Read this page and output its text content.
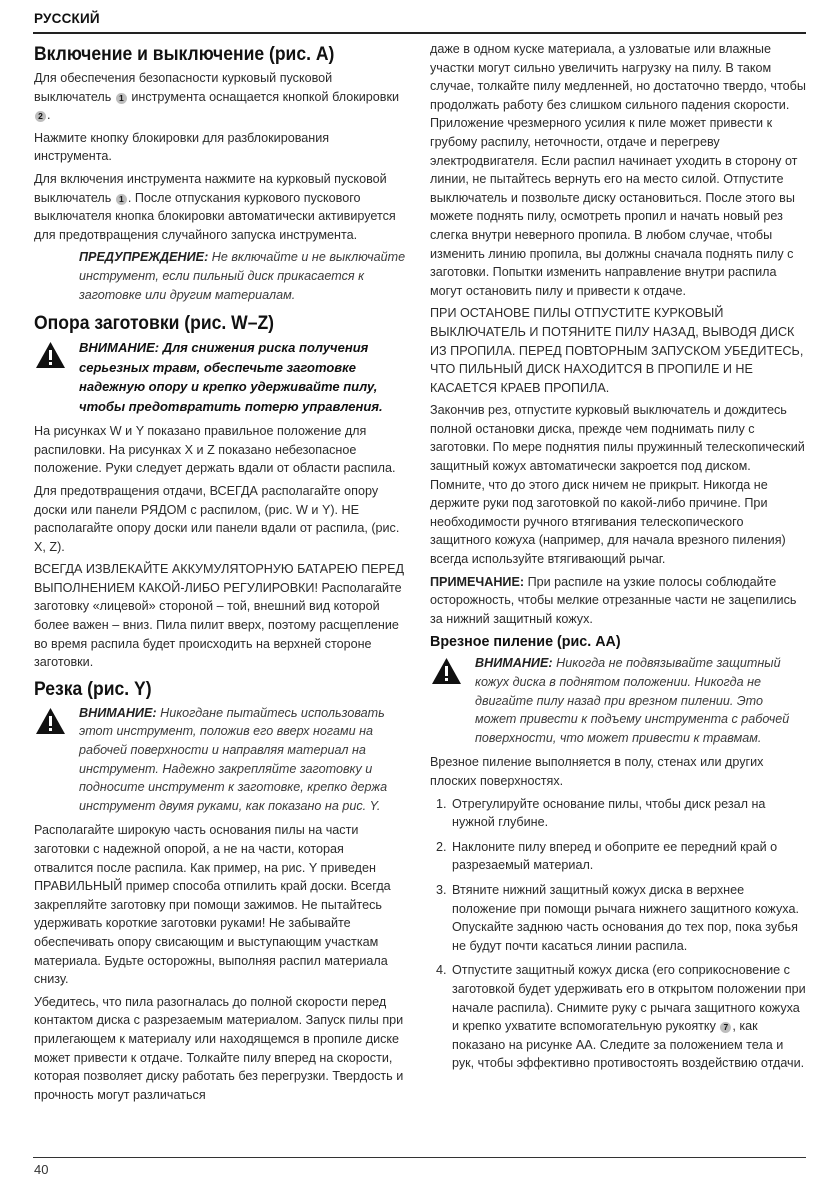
РУССКИЙ
Включение и выключение (рис. A)

Для обеспечения безопасности курковый пусковой выключатель 1 инструмента оснащается кнопкой блокировки 2 .

Нажмите кнопку блокировки для разблокирования инструмента.

Для включения инструмента нажмите на курковый пусковой выключатель 1 . После отпускания куркового пускового выключателя кнопка блокировки автоматически активируется для предотвращения случайного запуска инструмента.

ПРЕДУПРЕЖДЕНИЕ: Не включайте и не выключайте инструмент, если пильный диск прикасается к заготовке или другим материалам.

Опора заготовки (рис. W–Z)

ВНИМАНИЕ: Для снижения риска получения серьезных травм, обеспечьте заготовке надежную опору и крепко удерживайте пилу, чтобы предотвратить потерю управления.

На рисунках W и Y показано правильное положение для распиловки. На рисунках X и Z показано небезопасное положение. Руки следует держать вдали от области распила.

Для предотвращения отдачи, ВСЕГДА располагайте опору доски или панели РЯДОМ с распилом, (рис. W и Y). НЕ располагайте опору доски или панели вдали от распила, (рис. X, Z).

ВСЕГДА ИЗВЛЕКАЙТЕ АККУМУЛЯТОРНУЮ БАТАРЕЮ ПЕРЕД ВЫПОЛНЕНИЕМ КАКОЙ-ЛИБО РЕГУЛИРОВКИ! Располагайте заготовку «лицевой» стороной – той, внешний вид которой более важен – вниз. Пила пилит вверх, поэтому расщепление во время распила будет происходить на верхней стороне заготовки.

Резка (рис. Y)

ВНИМАНИЕ: Никогдане пытайтесь использовать этот инструмент, положив его вверх ногами на рабочей поверхности и направляя материал на инструмент. Надежно закрепляйте заготовку и подносите инструмент к заготовке, крепко держа инструмент двумя руками, как показано на рис. Y.

Располагайте широкую часть основания пилы на части заготовки с надежной опорой, а не на части, которая отвалится после распила. Как пример, на рис. Y приведен ПРАВИЛЬНЫЙ пример способа отпилить край доски. Всегда закрепляйте заготовку при помощи зажимов. Не пытайтесь удерживать короткие заготовки руками! Не забывайте обеспечивать опору свисающим и выступающим участкам материала. Будьте осторожны, выполняя распил материала снизу.

Убедитесь, что пила разогналась до полной скорости перед контактом диска с разрезаемым материалом. Запуск пилы при прилегающем к материалу или находящемся в пропиле диске может привести к отдаче. Толкайте пилу вперед на скорости, которая позволяет диску работать без перегрузки. Твердость и прочность могут различаться

даже в одном куске материала, а узловатые или влажные участки могут сильно увеличить нагрузку на пилу. В таком случае, толкайте пилу медленней, но достаточно твердо, чтобы продолжать работу без слишком сильного падения скорости. Приложение чрезмерного усилия к пиле может привести к грубому распилу, неточности, отдаче и перегреву электродвигателя. Если распил начинает уходить в сторону от линии, не пытайтесь вернуть его на место силой. Отпустите выключатель и позвольте диску остановиться. После этого вы можете поднять пилу, осмотреть пропил и начать новый рез слегка внутри неверного пропила. В любом случае, чтобы изменить линию пропила, вы должны сначала поднять пилу с заготовки. Попытки изменить направление внутри распила могут остановить пилу и привести к отдаче.

ПРИ ОСТАНОВЕ ПИЛЫ ОТПУСТИТЕ КУРКОВЫЙ ВЫКЛЮЧАТЕЛЬ И ПОТЯНИТЕ ПИЛУ НАЗАД, ВЫВОДЯ ДИСК ИЗ ПРОПИЛА. ПЕРЕД ПОВТОРНЫМ ЗАПУСКОМ УБЕДИТЕСЬ, ЧТО ПИЛЬНЫЙ ДИСК НАХОДИТСЯ В ПРОПИЛЕ И НЕ КАСАЕТСЯ КРАЕВ ПРОПИЛА.

Закончив рез, отпустите курковый выключатель и дождитесь полной остановки диска, прежде чем поднимать пилу с заготовки. По мере поднятия пилы пружинный телескопический защитный кожух автоматически закроется под диском. Помните, что до этого диск ничем не прикрыт. Никогда не держите руки под заготовкой по какой-либо причине. При необходимости ручного втягивания телескопического защитного кожуха (например, для начала врезного пиления) всегда используйте втягивающий рычаг.

ПРИМЕЧАНИЕ: При распиле на узкие полосы соблюдайте осторожность, чтобы мелкие отрезанные части не зацепились за нижний защитный кожух.

Врезное пиление (рис. AA)

ВНИМАНИЕ: Никогда не подвязывайте защитный кожух диска в поднятом положении. Никогда не двигайте пилу назад при врезном пилении. Это может привести к подъему инструмента с рабочей поверхности, что может привести к травмам.

Врезное пиление выполняется в полу, стенах или других плоских поверхностях.

1. Отрегулируйте основание пилы, чтобы диск резал на нужной глубине.
2. Наклоните пилу вперед и обоприте ее передний край о разрезаемый материал.
3. Втяните нижний защитный кожух диска в верхнее положение при помощи рычага нижнего защитного кожуха. Опускайте заднюю часть основания до тех пор, пока зубья не будут почти касаться линии распила.
4. Отпустите защитный кожух диска (его соприкосновение с заготовкой будет удерживать его в открытом положении при начале распила). Снимите руку с рычага защитного кожуха и крепко ухватите вспомогательную рукоятку 7 , как показано на рисунке AA. Следите за положением тела и рук, чтобы эффективно противостоять воздействию отдачи.
40
